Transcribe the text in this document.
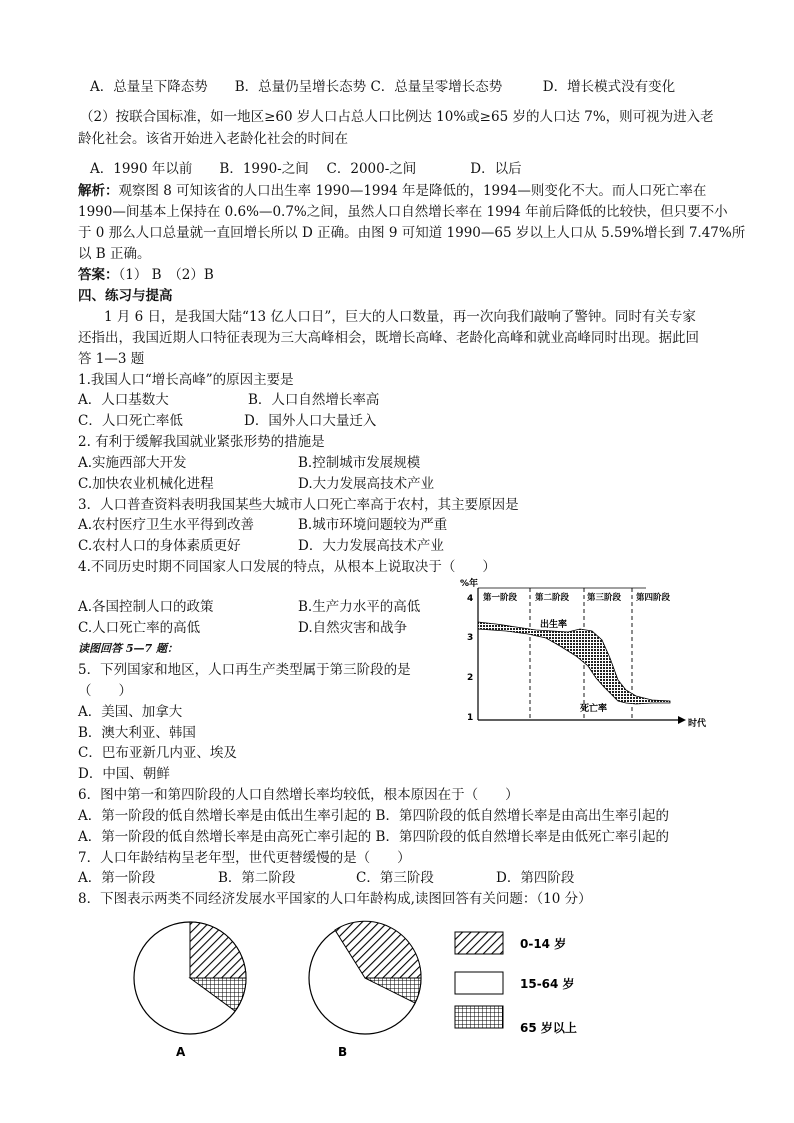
A．总量呈下降态势　　B．总量仍呈增长态势 C．总量呈零增长态势　　　D．增长模式没有变化
（2）按联合国标准，如一地区≥60 岁人口占总人口比例达 10%或≥65 岁的人口达 7%，则可视为进入老
龄化社会。该省开始进入老龄化社会的时间在
A．1990 年以前　　B．1990-之间　 C．2000-之间　　　　D．以后
解析：观察图 8 可知该省的人口出生率 1990—1994 年是降低的，1994—则变化不大。而人口死亡率在
1990—间基本上保持在 0.6%—0.7%之间，虽然人口自然增长率在 1994 年前后降低的比较快，但只要不小
于 0 那么人口总量就一直回增长所以 D 正确。由图 9 可知道 1990—65 岁以上人口从 5.59%增长到 7.47%所
以 B 正确。
答案：（1） B　（2）B
四、练习与提高
1 月 6 日，是我国大陆“13 亿人口日”，巨大的人口数量，再一次向我们敲响了警钟。同时有关专家
还指出，我国近期人口特征表现为三大高峰相会，既增长高峰、老龄化高峰和就业高峰同时出现。据此回
答 1—3 题
1.我国人口“增长高峰”的原因主要是
A．人口基数大	B．人口自然增长率高
C．人口死亡率低	D．国外人口大量迁入
2. 有利于缓解我国就业紧张形势的措施是
A.实施西部大开发	B.控制城市发展规模
C.加快农业机械化进程	D.大力发展高技术产业
3．人口普查资料表明我国某些大城市人口死亡率高于农村，其主要原因是
A.农村医疗卫生水平得到改善	B.城市环境问题较为严重
C.农村人口的身体素质更好	D．大力发展高技术产业
4.不同历史时期不同国家人口发展的特点，从根本上说取决于（　　）
A.各国控制人口的政策	B.生产力水平的高低
C.人口死亡率的高低	D.自然灾害和战争
读图回答 5—7 题：
5．下列国家和地区，人口再生产类型属于第三阶段的是
（　　）
A．美国、加拿大
B．澳大利亚、韩国
C．巴布亚新几内亚、埃及
D．中国、朝鲜
6．图中第一和第四阶段的人口自然增长率均较低，根本原因在于（　　）
A．第一阶段的低自然增长率是由低出生率引起的 B．第四阶段的低自然增长率是由高出生率引起的
A．第一阶段的低自然增长率是由高死亡率引起的 B．第四阶段的低自然增长率是由低死亡率引起的
7．人口年龄结构呈老年型，世代更替缓慢的是（　　）
A．第一阶段	B．第二阶段	C．第三阶段	D．第四阶段
8．下图表示两类不同经济发展水平国家的人口年龄构成,读图回答有关问题：（10 分）
%年
时代
4
3
2
1
第一阶段 第二阶段 第三阶段 第四阶段
出生率
死亡率
A	B
0-14 岁
15-64 岁
65 岁以上
